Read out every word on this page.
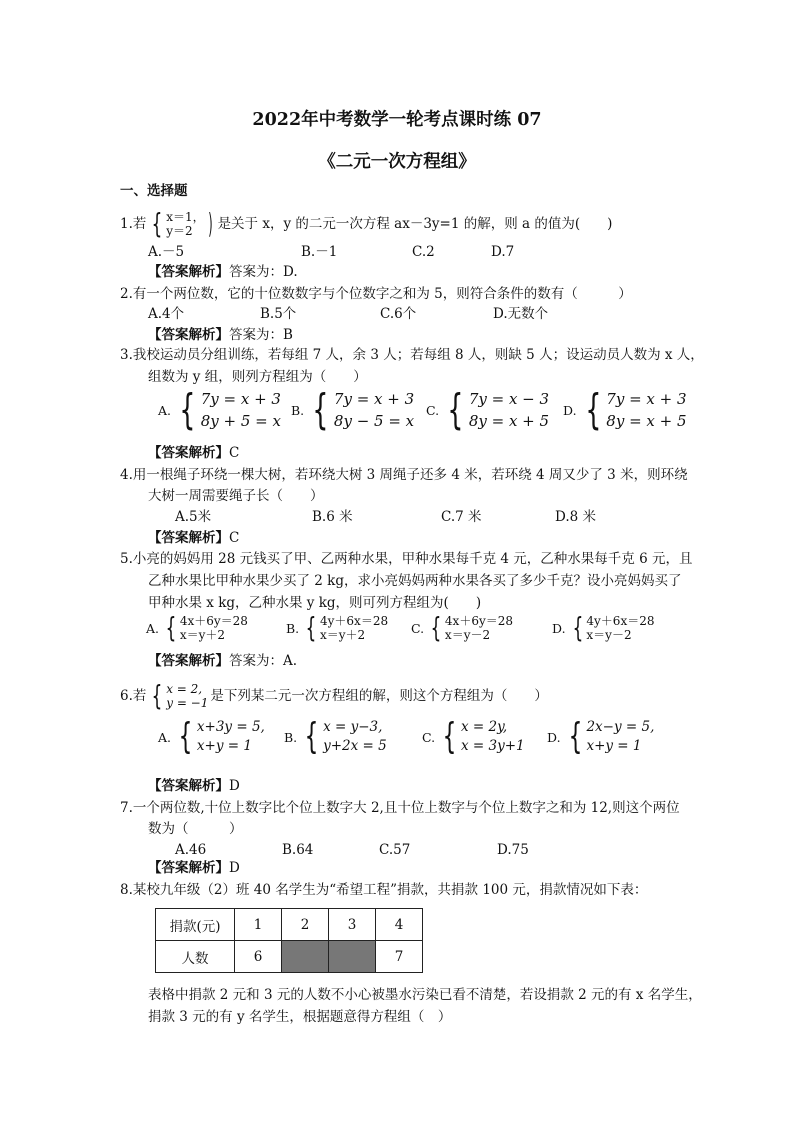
2022年中考数学一轮考点课时练 07
《二元一次方程组》
一、选择题
1.若 { x＝1，
y＝2 ) 是关于 x，y 的二元一次方程 ax－3y=1 的解，则 a 的值为(　　)
A.－5	B.－1	C.2	D.7
【答案解析】答案为：D.
2.有一个两位数，它的十位数数字与个位数字之和为 5，则符合条件的数有（　　　）
A.4个	B.5个	C.6个	D.无数个
【答案解析】答案为：B
3.我校运动员分组训练，若每组 7 人，余 3 人；若每组 8 人，则缺 5 人；设运动员人数为 x 人，
组数为 y 组，则列方程组为（　　）
A. { 7y = x + 3
8y + 5 = x
B. { 7y = x + 3
8y − 5 = x
C. { 7y = x − 3
8y = x + 5
D. { 7y = x + 3
8y = x + 5
【答案解析】C
4.用一根绳子环绕一棵大树，若环绕大树 3 周绳子还多 4 米，若环绕 4 周又少了 3 米，则环绕
大树一周需要绳子长（　　）
A.5米	B.6 米	C.7 米	D.8 米
【答案解析】C
5.小亮的妈妈用 28 元钱买了甲、乙两种水果，甲种水果每千克 4 元，乙种水果每千克 6 元，且
乙种水果比甲种水果少买了 2 kg，求小亮妈妈两种水果各买了多少千克？设小亮妈妈买了
甲种水果 x kg，乙种水果 y kg，则可列方程组为(　　)
A. { 4x＋6y＝28
x＝y＋2	B. { 4y＋6x＝28
x＝y＋2	C. { 4x＋6y＝28
x＝y－2	D. { 4y＋6x＝28
x＝y－2
【答案解析】答案为：A.
6.若 { x = 2,
y = −1 是下列某二元一次方程组的解，则这个方程组为（　　）
A. { x+3y = 5,
x+y = 1
B. { x = y−3,
y+2x = 5
C. { x = 2y,
x = 3y+1
D. { 2x−y = 5,
x+y = 1
【答案解析】D
7.一个两位数,十位上数字比个位上数字大 2,且十位上数字与个位上数字之和为 12,则这个两位
数为（　　　）
A.46	B.64	C.57	D.75
【答案解析】D
8.某校九年级（2）班 40 名学生为“希望工程”捐款，共捐款 100 元，捐款情况如下表：
捐款(元)	1	2	3	4
人数	6			7
表格中捐款 2 元和 3 元的人数不小心被墨水污染已看不清楚，若设捐款 2 元的有 x 名学生，
捐款 3 元的有 y 名学生，根据题意得方程组（　）
